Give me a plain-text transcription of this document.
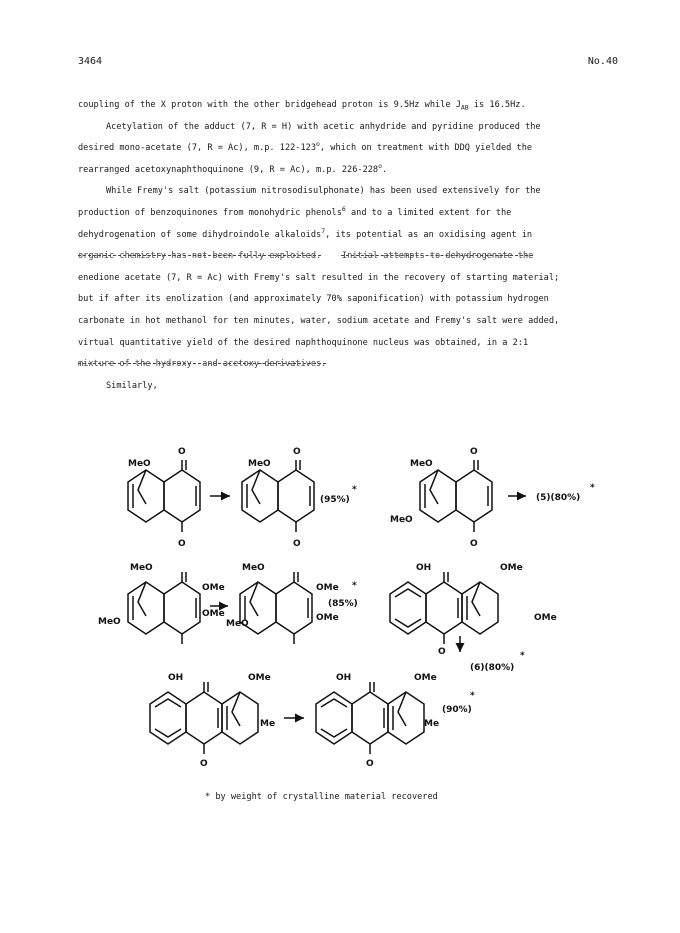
3464	No.40

coupling of the X proton with the other bridgehead proton is 9.5Hz while $J_{AB}$ is 16.5Hz.

Acetylation of the adduct (7, R = H) with acetic anhydride and pyridine produced the

desired mono-acetate (7, R = Ac), m.p. 122-123$^o$, which on treatment with DDQ yielded the

rearranged acetoxynaphthoquinone (9, R = Ac), m.p. 226-228$^o$.

While Fremy's salt (potassium nitrosodisulphonate) has been used extensively for the

production of benzoquinones from monohydric phenols$^6$ and to a limited extent for the

dehydrogenation of some dihydroindole alkaloids$^7$, its potential as an oxidising agent in

organic chemistry has not been fully exploited. Initial attempts to dehydrogenate the

enedione acetate (7, R = Ac) with Fremy's salt resulted in the recovery of starting material;

but if after its enolization (and approximately 70% saponification) with potassium hydrogen

carbonate in hot methanol for ten minutes, water, sodium acetate and Fremy's salt were added,

virtual quantitative yield of the desired naphthoquinone nucleus was obtained, in a 2:1

mixture of the hydroxy- and acetoxy-derivatives.

Similarly,

MeO
O
O
MeO
O
O
(95%)
*
MeO
MeO
O
O
(5)(80%)
*
MeO
MeO
OMe
OMe
MeO
MeO
OMe
OMe
(85%)
*
OH	OMe
OMe
O
(6)(80%)
*
OH	OMe
Me
O
OH	OMe
Me
O
(90%)
*
* by weight of crystalline material recovered
